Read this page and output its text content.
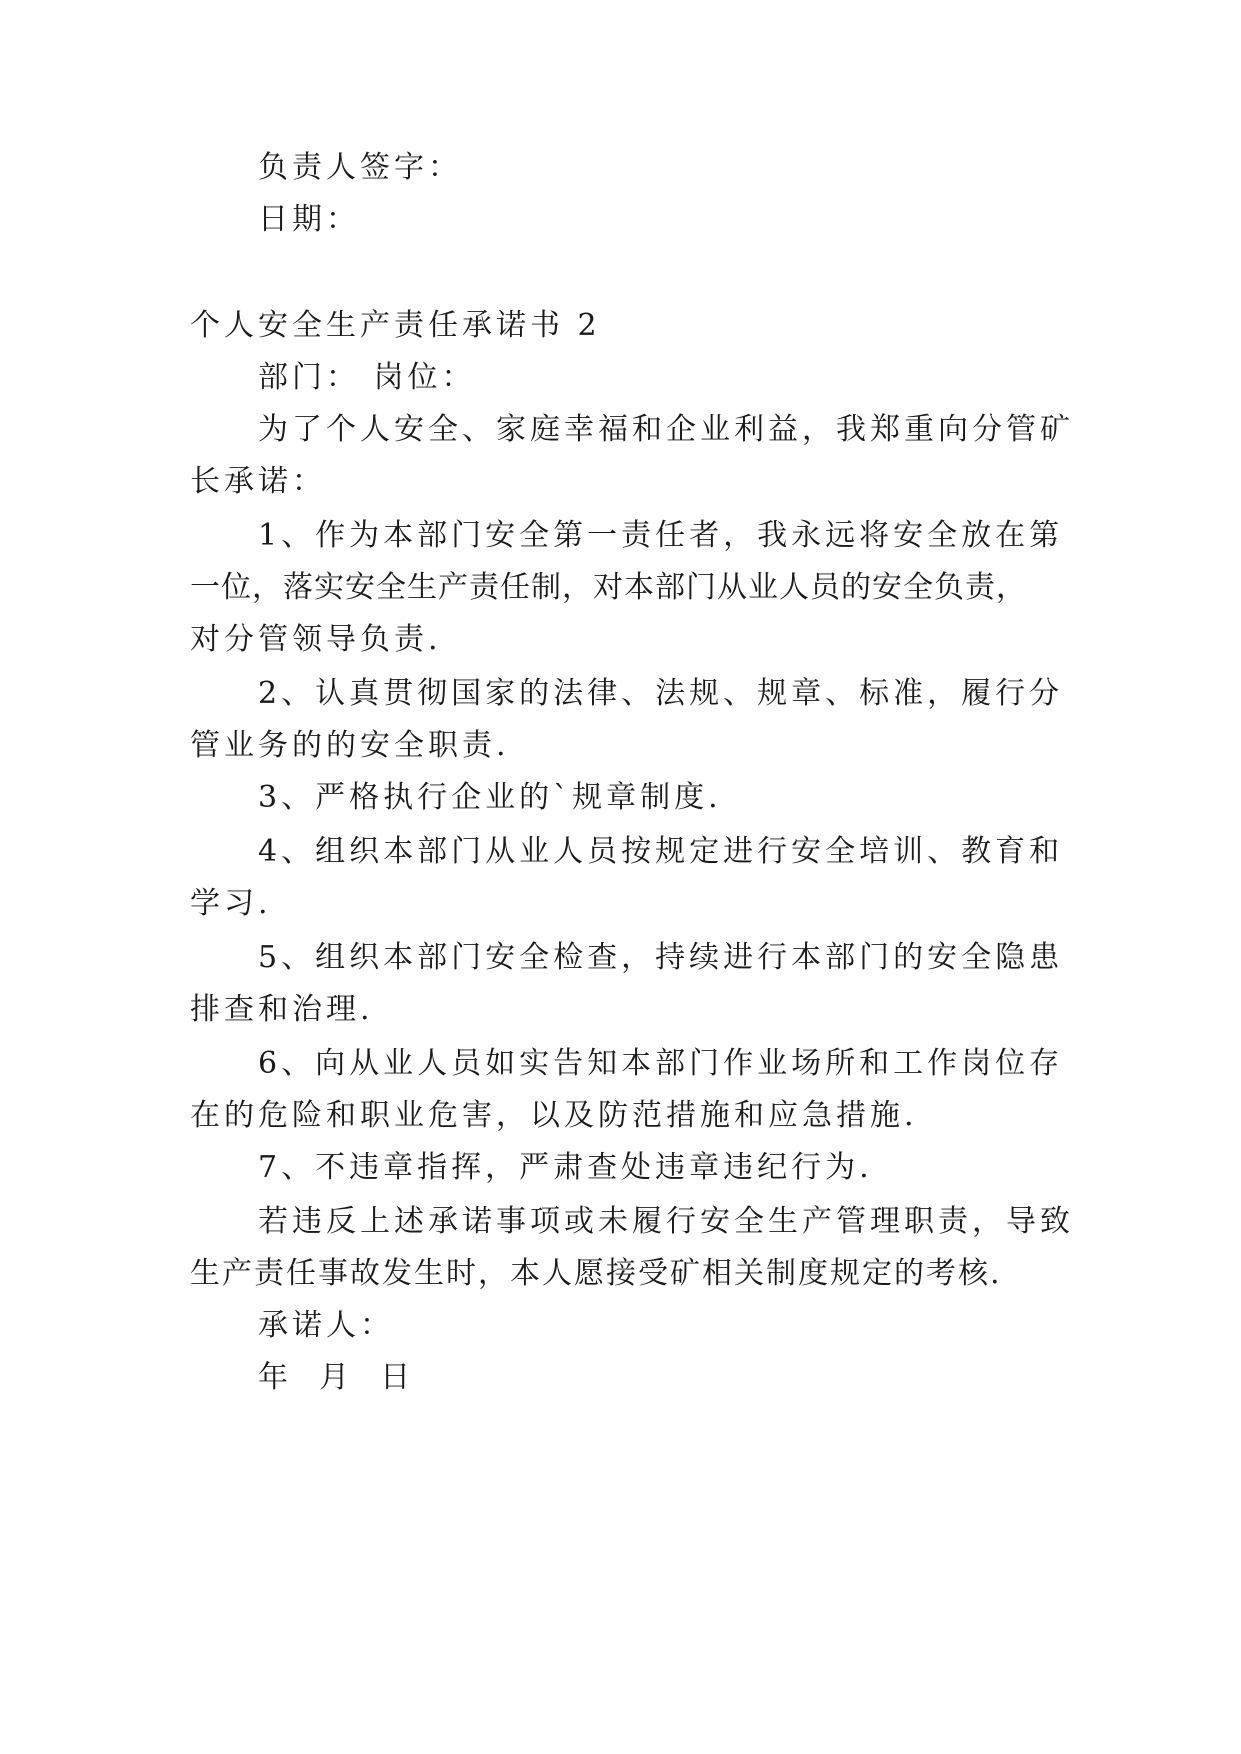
负责人签字：
日期：
个人安全生产责任承诺书 2
部门： 岗位：
为了个人安全、家庭幸福和企业利益，我郑重向分管矿
长承诺：
1、作为本部门安全第一责任者，我永远将安全放在第
一位，落实安全生产责任制，对本部门从业人员的安全负责，
对分管领导负责.
2、认真贯彻国家的法律、法规、规章、标准，履行分
管业务的的安全职责.
3、严格执行企业的`规章制度.
4、组织本部门从业人员按规定进行安全培训、教育和
学习.
5、组织本部门安全检查，持续进行本部门的安全隐患
排查和治理.
6、向从业人员如实告知本部门作业场所和工作岗位存
在的危险和职业危害，以及防范措施和应急措施.
7、不违章指挥，严肃查处违章违纪行为.
若违反上述承诺事项或未履行安全生产管理职责，导致
生产责任事故发生时，本人愿接受矿相关制度规定的考核.
承诺人：
年  月  日
